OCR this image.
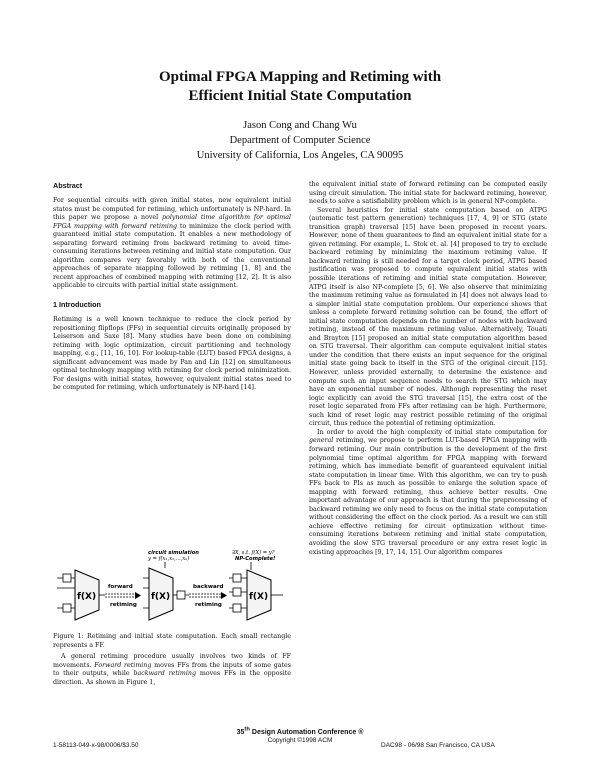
Optimal FPGA Mapping and Retiming with
Efficient Initial State Computation
Jason Cong and Chang Wu
Department of Computer Science
University of California, Los Angeles, CA 90095
Abstract

For sequential circuits with given initial states, new equivalent initial states must be computed for retiming, which unfortunately is NP-hard. In this paper we propose a novel polynomial time algorithm for optimal FPGA mapping with forward retiming to minimize the clock period with guaranteed initial state computation. It enables a new methodology of separating forward retiming from backward retiming to avoid time-consuming iterations between retiming and initial state computation. Our algorithm compares very favorably with both of the conventional approaches of separate mapping followed by retiming [1, 8] and the recent approaches of combined mapping with retiming [12, 2]. It is also applicable to circuits with partial initial state assignment.

1 Introduction

Retiming is a well known technique to reduce the clock period by repositioning flipflops (FFs) in sequential circuits originally proposed by Leiserson and Saxe [8]. Many studies have been done on combining retiming with logic optimization, circuit partitioning and technology mapping, e.g., [11, 16, 10]. For lookup-table (LUT) based FPGA designs, a significant advancement was made by Pan and Lin [12] on simultaneous optimal technology mapping with retiming for clock period minimization. For designs with initial states, however, equivalent initial states need to be computed for retiming, which unfortunately is NP-hard [14].

circuit simulation
y = f(x₁,x₂,...,xₖ)
∃X, s.t. f(X) = y?
NP-Complete!
f(X)
forward
retiming
f(X)
backward
retiming
f(X)
Figure 1: Retiming and initial state computation. Each small rectangle represents a FF.

A general retiming procedure usually involves two kinds of FF movements. Forward retiming moves FFs from the inputs of some gates to their outputs, while backward retiming moves FFs in the opposite direction. As shown in Figure 1,

the equivalent initial state of forward retiming can be computed easily using circuit simulation. The initial state for backward retiming, however, needs to solve a satisfiability problem which is in general NP-complete.

Several heuristics for initial state computation based on ATPG (automatic test pattern generation) techniques [17, 4, 9] or STG (state transition graph) traversal [15] have been proposed in recent years. However, none of them guarantees to find an equivalent initial state for a given retiming. For example, L. Stok et. al. [4] proposed to try to exclude backward retiming by minimizing the maximum retiming value. If backward retiming is still needed for a target clock period, ATPG based justification was proposed to compute equivalent initial states with possible iterations of retiming and initial state computation. However, ATPG itself is also NP-complete [5, 6]. We also observe that minimizing the maximum retiming value as formulated in [4] does not always lead to a simpler initial state computation problem. Our experience shows that unless a complete forward retiming solution can be found, the effort of initial state computation depends on the number of nodes with backward retiming, instead of the maximum retiming value. Alternatively, Touati and Brayton [15] proposed an initial state computation algorithm based on STG traversal. Their algorithm can compute equivalent initial states under the condition that there exists an input sequence for the original initial state going back to itself in the STG of the original circuit [15]. However, unless provided externally, to determine the existence and compute such an input sequence needs to search the STG which may have an exponential number of nodes. Although representing the reset logic explicitly can avoid the STG traversal [15], the extra cost of the reset logic separated from FFs after retiming can be high. Furthermore, such kind of reset logic may restrict possible retiming of the original circuit, thus reduce the potential of retiming optimization.

In order to avoid the high complexity of initial state computation for general retiming, we propose to perform LUT-based FPGA mapping with forward retiming. Our main contribution is the development of the first polynomial time optimal algorithm for FPGA mapping with forward retiming, which has immediate benefit of guaranteed equivalent initial state computation in linear time. With this algorithm, we can try to push FFs back to PIs as much as possible to enlarge the solution space of mapping with forward retiming, thus achieve better results. One important advantage of our approach is that during the preprocessing of backward retiming we only need to focus on the initial state computation without considering the effect on the clock period. As a result we can still achieve effective retiming for circuit optimization without time-consuming iterations between retiming and initial state computation, avoiding the slow STG traversal procedure or any extra reset logic in existing approaches [9, 17, 14, 15]. Our algorithm compares

35th Design Automation Conference ®
Copyright ©1998 ACM
1-58113-049-x-98/0006/$3.50	DAC98 - 06/98 San Francisco, CA USA
